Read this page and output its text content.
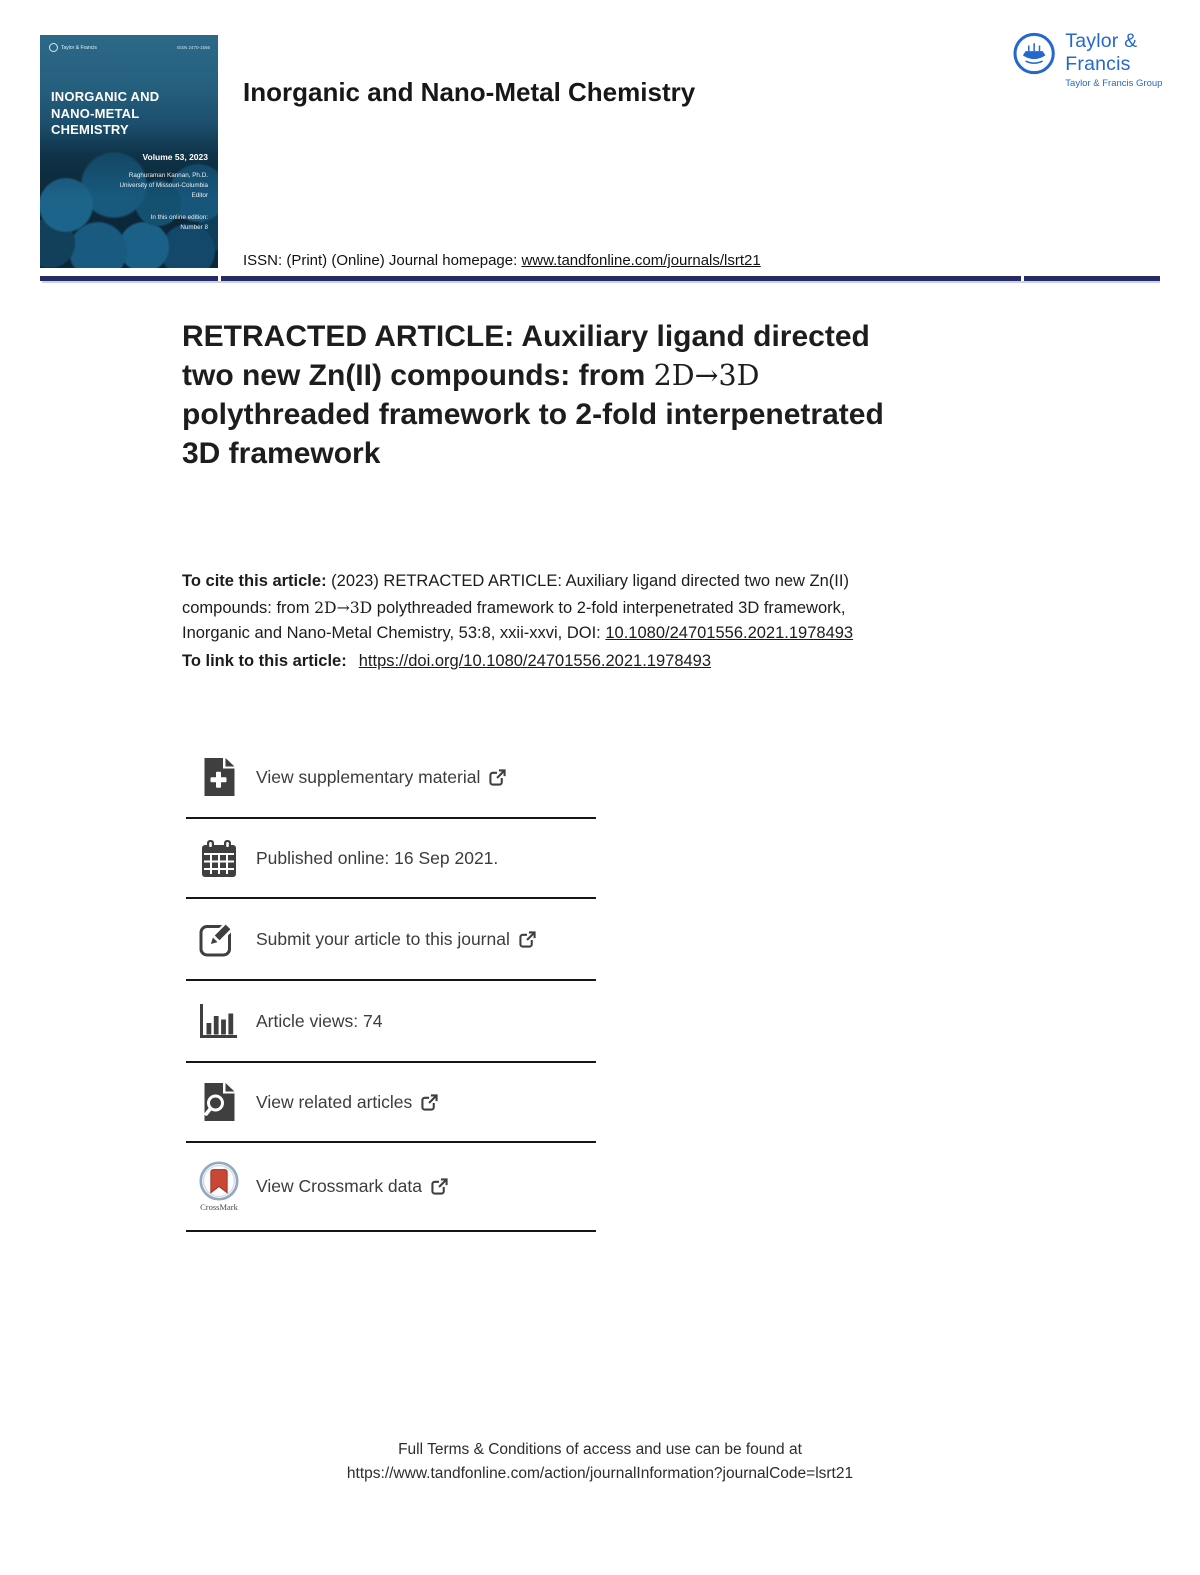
Taylor & Francis	ISSN 2470-1556
INORGANIC AND
NANO-METAL CHEMISTRY
Volume 53, 2023
Raghuraman Kannan, Ph.D.
University of Missouri-Columbia
Editor
In this online edition:
Number 8
Taylor & Francis
Taylor & Francis Group
Inorganic and Nano-Metal Chemistry
ISSN: (Print) (Online) Journal homepage: www.tandfonline.com/journals/lsrt21
RETRACTED ARTICLE: Auxiliary ligand directed
two new Zn(II) compounds: from 2D→3D
polythreaded framework to 2-fold interpenetrated
3D framework
To cite this article: (2023) RETRACTED ARTICLE: Auxiliary ligand directed two new Zn(II)
compounds: from 2D→3D polythreaded framework to 2-fold interpenetrated 3D framework,
Inorganic and Nano-Metal Chemistry, 53:8, xxii-xxvi, DOI: 10.1080/24701556.2021.1978493
To link to this article: https://doi.org/10.1080/24701556.2021.1978493
View supplementary material
Published online: 16 Sep 2021.
Submit your article to this journal
Article views: 74
View related articles
CrossMark
View Crossmark data
Full Terms & Conditions of access and use can be found at
https://www.tandfonline.com/action/journalInformation?journalCode=lsrt21
